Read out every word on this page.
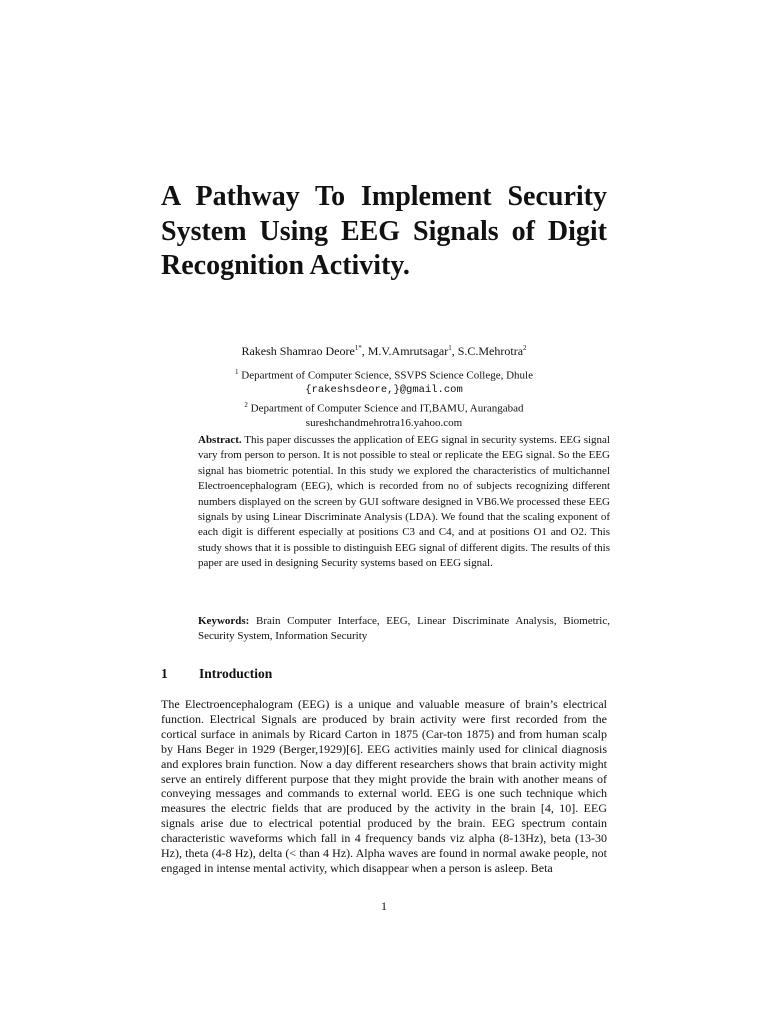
A Pathway To Implement Security System Using EEG Signals of Digit Recognition Activity.
Rakesh Shamrao Deore$^{1*}$, M.V.Amrutsagar$^1$, S.C.Mehrotra$^2$
$^1$ Department of Computer Science, SSVPS Science College, Dhule
{rakeshsdeore,}@gmail.com
$^2$ Department of Computer Science and IT,BAMU, Aurangabad
sureshchandmehrotra16.yahoo.com

Abstract. This paper discusses the application of EEG signal in security systems. EEG signal vary from person to person. It is not possible to steal or replicate the EEG signal. So the EEG signal has biometric potential. In this study we explored the characteristics of multichannel Electroencephalogram (EEG), which is recorded from no of subjects recognizing different numbers displayed on the screen by GUI software designed in VB6.We processed these EEG signals by using Linear Discriminate Analysis (LDA). We found that the scaling exponent of each digit is different especially at positions C3 and C4, and at positions O1 and O2. This study shows that it is possible to distinguish EEG signal of different digits. The results of this paper are used in designing Security systems based on EEG signal.

Keywords: Brain Computer Interface, EEG, Linear Discriminate Analysis, Biometric, Security System, Information Security

1 Introduction

The Electroencephalogram (EEG) is a unique and valuable measure of brain’s electrical function. Electrical Signals are produced by brain activity were first recorded from the cortical surface in animals by Ricard Carton in 1875 (Car-ton 1875) and from human scalp by Hans Beger in 1929 (Berger,1929)[6]. EEG activities mainly used for clinical diagnosis and explores brain function. Now a day different researchers shows that brain activity might serve an entirely different purpose that they might provide the brain with another means of conveying messages and commands to external world. EEG is one such technique which measures the electric fields that are produced by the activity in the brain [4, 10]. EEG signals arise due to electrical potential produced by the brain. EEG spectrum contain characteristic waveforms which fall in 4 frequency bands viz alpha (8-13Hz), beta (13-30 Hz), theta (4-8 Hz), delta (< than 4 Hz). Alpha waves are found in normal awake people, not engaged in intense mental activity, which disappear when a person is asleep. Beta

1
